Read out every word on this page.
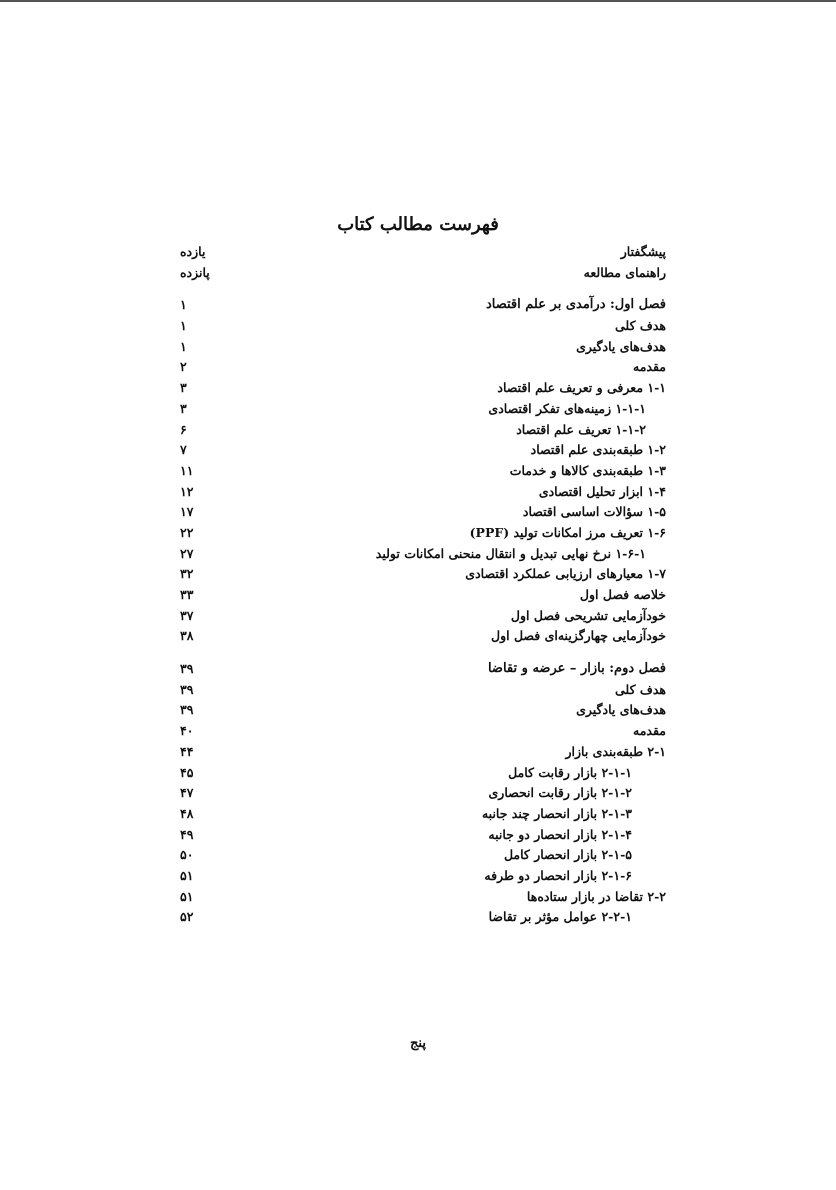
فهرست مطالب کتاب
پیشگفتار
یازده
راهنمای مطالعه
پانزده
فصل اول: درآمدی بر علم اقتصاد
۱
هدف کلی
۱
هدف‌های یادگیری
۱
مقدمه
۲
۱-۱ معرفی و تعریف علم اقتصاد
۳
۱-۱-۱ زمینه‌های تفکر اقتصادی
۳
۱-۱-۲ تعریف علم اقتصاد
۶
۱-۲ طبقه‌بندی علم اقتصاد
۷
۱-۳ طبقه‌بندی کالاها و خدمات
۱۱
۱-۴ ابزار تحلیل اقتصادی
۱۲
۱-۵ سؤالات اساسی اقتصاد
۱۷
۱-۶ تعریف مرز امکانات تولید (PPF)
۲۲
۱-۶-۱ نرخ نهایی تبدیل و انتقال منحنی امکانات تولید
۲۷
۱-۷ معیارهای ارزیابی عملکرد اقتصادی
۳۲
خلاصه فصل اول
۳۳
خودآزمایی تشریحی فصل اول
۳۷
خودآزمایی چهارگزینه‌ای فصل اول
۳۸
فصل دوم: بازار – عرضه و تقاضا
۳۹
هدف کلی
۳۹
هدف‌های یادگیری
۳۹
مقدمه
۴۰
۲-۱ طبقه‌بندی بازار
۴۴
۲-۱-۱ بازار رقابت کامل
۴۵
۲-۱-۲ بازار رقابت انحصاری
۴۷
۲-۱-۳ بازار انحصار چند جانبه
۴۸
۲-۱-۴ بازار انحصار دو جانبه
۴۹
۲-۱-۵ بازار انحصار کامل
۵۰
۲-۱-۶ بازار انحصار دو طرفه
۵۱
۲-۲ تقاضا در بازار ستاده‌ها
۵۱
۲-۲-۱ عوامل مؤثر بر تقاضا
۵۲
پنج
